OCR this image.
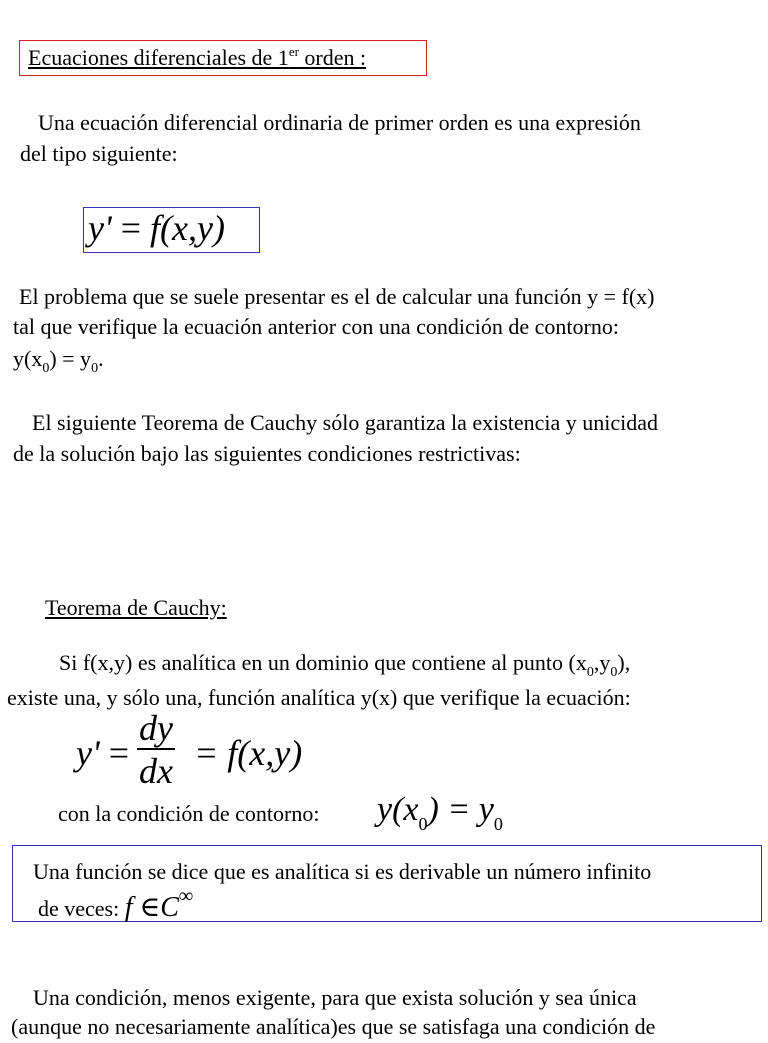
Ecuaciones diferenciales de 1er orden :
Una ecuación diferencial ordinaria de primer orden es una expresión
del tipo siguiente:
y' = f(x,y)
El problema que se suele presentar es el de calcular una función y = f(x)
tal que verifique la ecuación anterior con una condición de contorno:
$y(x_0) = y_0$.
El siguiente Teorema de Cauchy sólo garantiza la existencia y unicidad
de la solución bajo las siguientes condiciones restrictivas:
Teorema de Cauchy:
Si f(x,y) es analítica en un dominio que contiene al punto $(x_0,y_0)$,
existe una, y sólo una, función analítica y(x) que verifique la ecuación:
$y' = \frac{dy}{dx} = f(x,y)$
con la condición de contorno: $y(x_0) = y_0$
Una función se dice que es analítica si es derivable un número infinito
de veces: f ∈C∞
Una condición, menos exigente, para que exista solución y sea única
(aunque no necesariamente analítica)es que se satisfaga una condición de
